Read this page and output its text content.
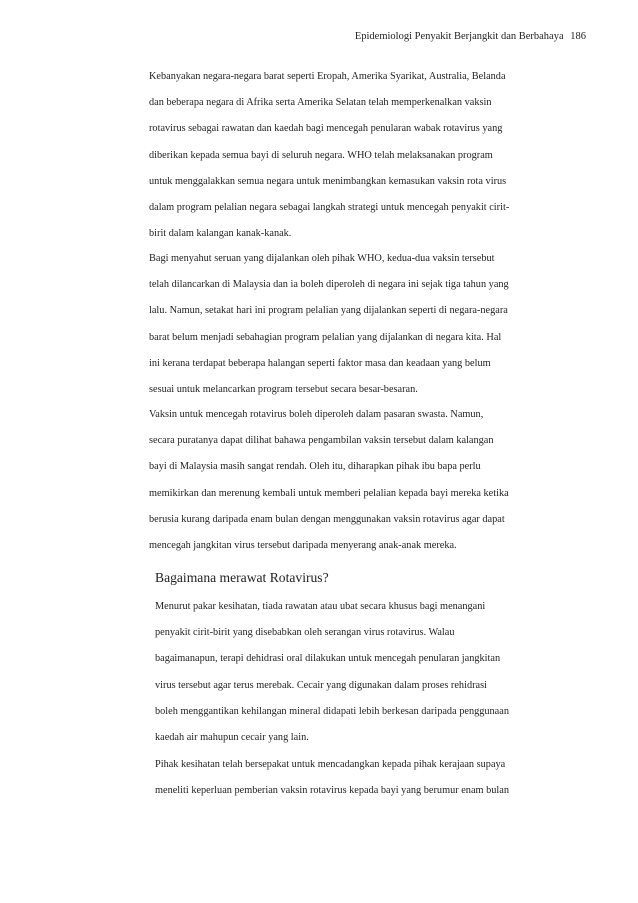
Epidemiologi Penyakit Berjangkit dan Berbahaya 186
Kebanyakan negara-negara barat seperti Eropah, Amerika Syarikat, Australia, Belanda
dan beberapa negara di Afrika serta Amerika Selatan telah memperkenalkan vaksin
rotavirus sebagai rawatan dan kaedah bagi mencegah penularan wabak rotavirus yang
diberikan kepada semua bayi di seluruh negara. WHO telah melaksanakan program
untuk menggalakkan semua negara untuk menimbangkan kemasukan vaksin rota virus
dalam program pelalian negara sebagai langkah strategi untuk mencegah penyakit cirit-
birit dalam kalangan kanak-kanak.
Bagi menyahut seruan yang dijalankan oleh pihak WHO, kedua-dua vaksin tersebut
telah dilancarkan di Malaysia dan ia boleh diperoleh di negara ini sejak tiga tahun yang
lalu. Namun, setakat hari ini program pelalian yang dijalankan seperti di negara-negara
barat belum menjadi sebahagian program pelalian yang dijalankan di negara kita. Hal
ini kerana terdapat beberapa halangan seperti faktor masa dan keadaan yang belum
sesuai untuk melancarkan program tersebut secara besar-besaran.
Vaksin untuk mencegah rotavirus boleh diperoleh dalam pasaran swasta. Namun,
secara puratanya dapat dilihat bahawa pengambilan vaksin tersebut dalam kalangan
bayi di Malaysia masih sangat rendah. Oleh itu, diharapkan pihak ibu bapa perlu
memikirkan dan merenung kembali untuk memberi pelalian kepada bayi mereka ketika
berusia kurang daripada enam bulan dengan menggunakan vaksin rotavirus agar dapat
mencegah jangkitan virus tersebut daripada menyerang anak-anak mereka.
Bagaimana merawat Rotavirus?
Menurut pakar kesihatan, tiada rawatan atau ubat secara khusus bagi menangani
penyakit cirit-birit yang disebabkan oleh serangan virus rotavirus. Walau
bagaimanapun, terapi dehidrasi oral dilakukan untuk mencegah penularan jangkitan
virus tersebut agar terus merebak. Cecair yang digunakan dalam proses rehidrasi
boleh menggantikan kehilangan mineral didapati lebih berkesan daripada penggunaan
kaedah air mahupun cecair yang lain.
Pihak kesihatan telah bersepakat untuk mencadangkan kepada pihak kerajaan supaya
meneliti keperluan pemberian vaksin rotavirus kepada bayi yang berumur enam bulan
